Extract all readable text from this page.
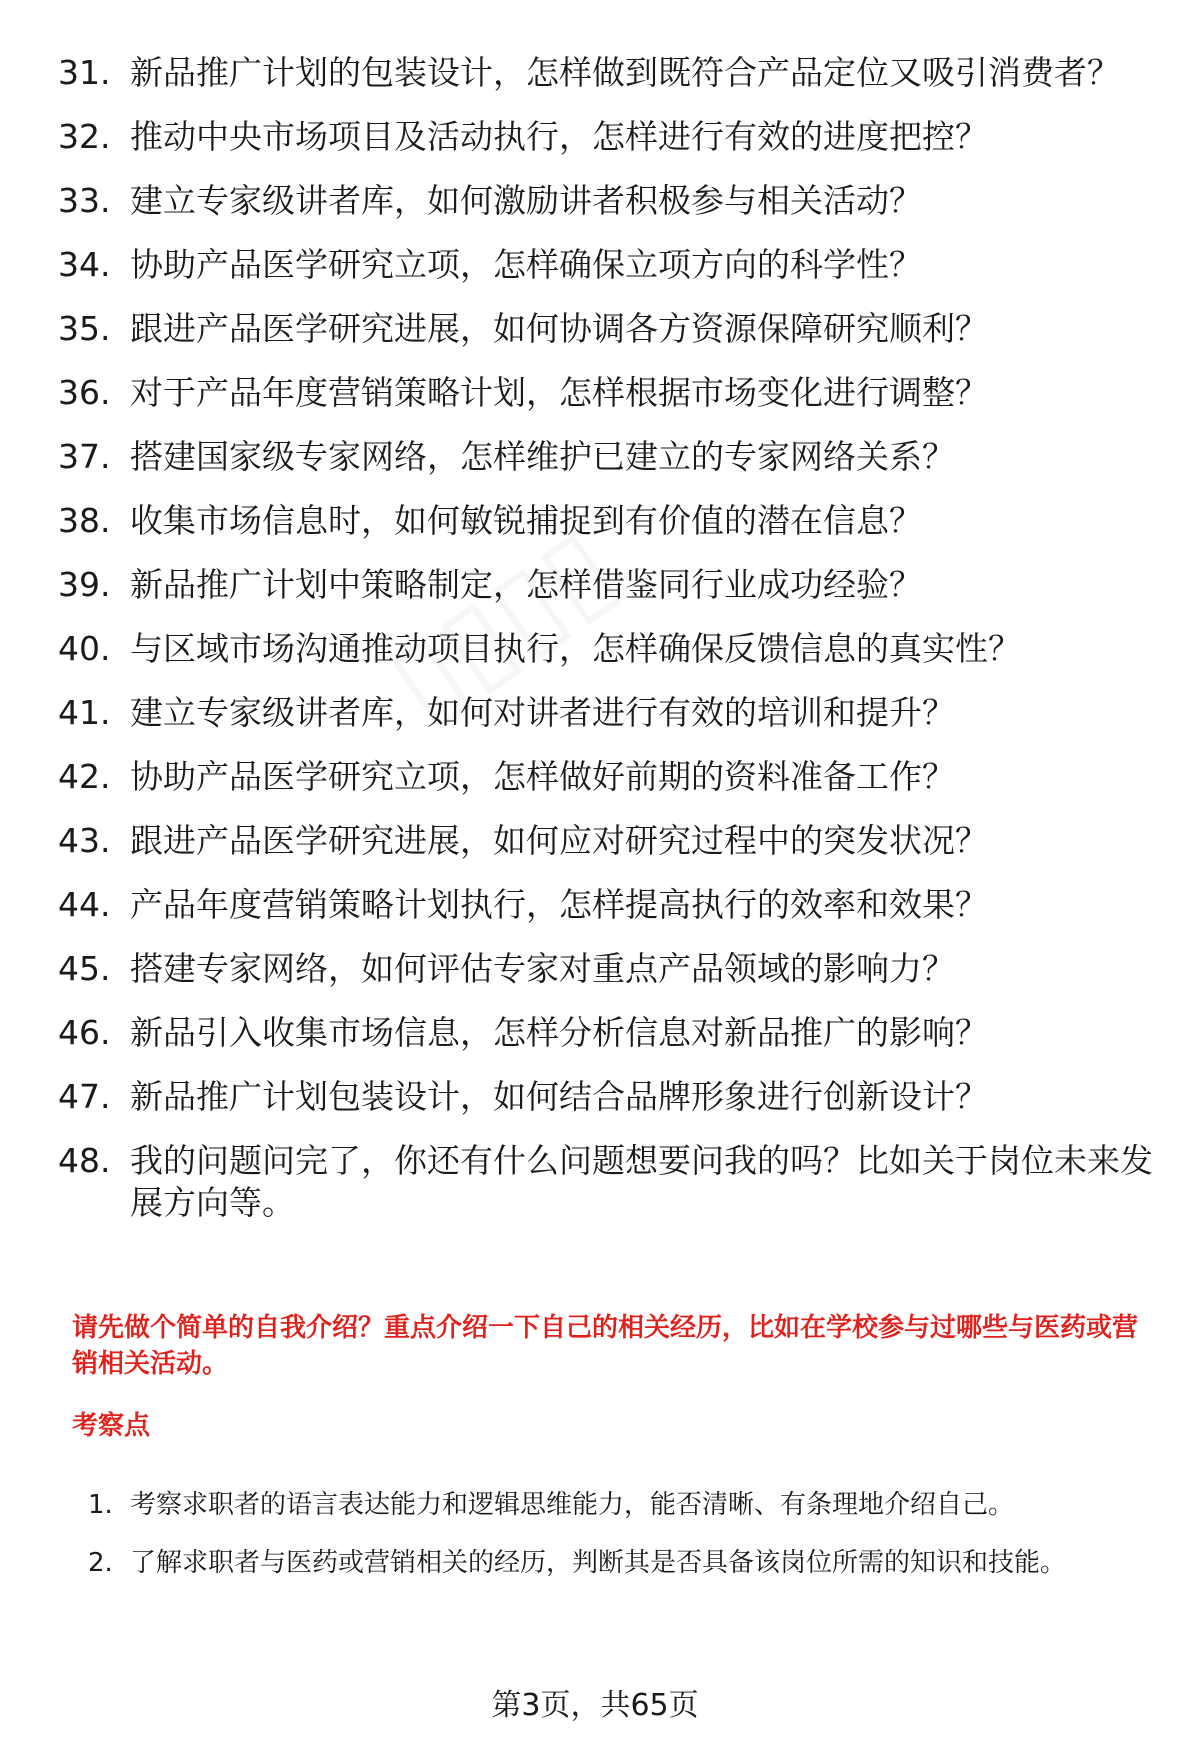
31. 新品推广计划的包装设计，怎样做到既符合产品定位又吸引消费者？
32. 推动中央市场项目及活动执行，怎样进行有效的进度把控？
33. 建立专家级讲者库，如何激励讲者积极参与相关活动？
34. 协助产品医学研究立项，怎样确保立项方向的科学性？
35. 跟进产品医学研究进展，如何协调各方资源保障研究顺利？
36. 对于产品年度营销策略计划，怎样根据市场变化进行调整？
37. 搭建国家级专家网络，怎样维护已建立的专家网络关系？
38. 收集市场信息时，如何敏锐捕捉到有价值的潜在信息？
39. 新品推广计划中策略制定，怎样借鉴同行业成功经验？
40. 与区域市场沟通推动项目执行，怎样确保反馈信息的真实性？
41. 建立专家级讲者库，如何对讲者进行有效的培训和提升？
42. 协助产品医学研究立项，怎样做好前期的资料准备工作？
43. 跟进产品医学研究进展，如何应对研究过程中的突发状况？
44. 产品年度营销策略计划执行，怎样提高执行的效率和效果？
45. 搭建专家网络，如何评估专家对重点产品领域的影响力？
46. 新品引入收集市场信息，怎样分析信息对新品推广的影响？
47. 新品推广计划包装设计，如何结合品牌形象进行创新设计？
48. 我的问题问完了，你还有什么问题想要问我的吗？比如关于岗位未来发展方向等。
请先做个简单的自我介绍？重点介绍一下自己的相关经历，比如在学校参与过哪些与医药或营销相关活动。
考察点
1. 考察求职者的语言表达能力和逻辑思维能力，能否清晰、有条理地介绍自己。
2. 了解求职者与医药或营销相关的经历，判断其是否具备该岗位所需的知识和技能。
第3页，共65页
